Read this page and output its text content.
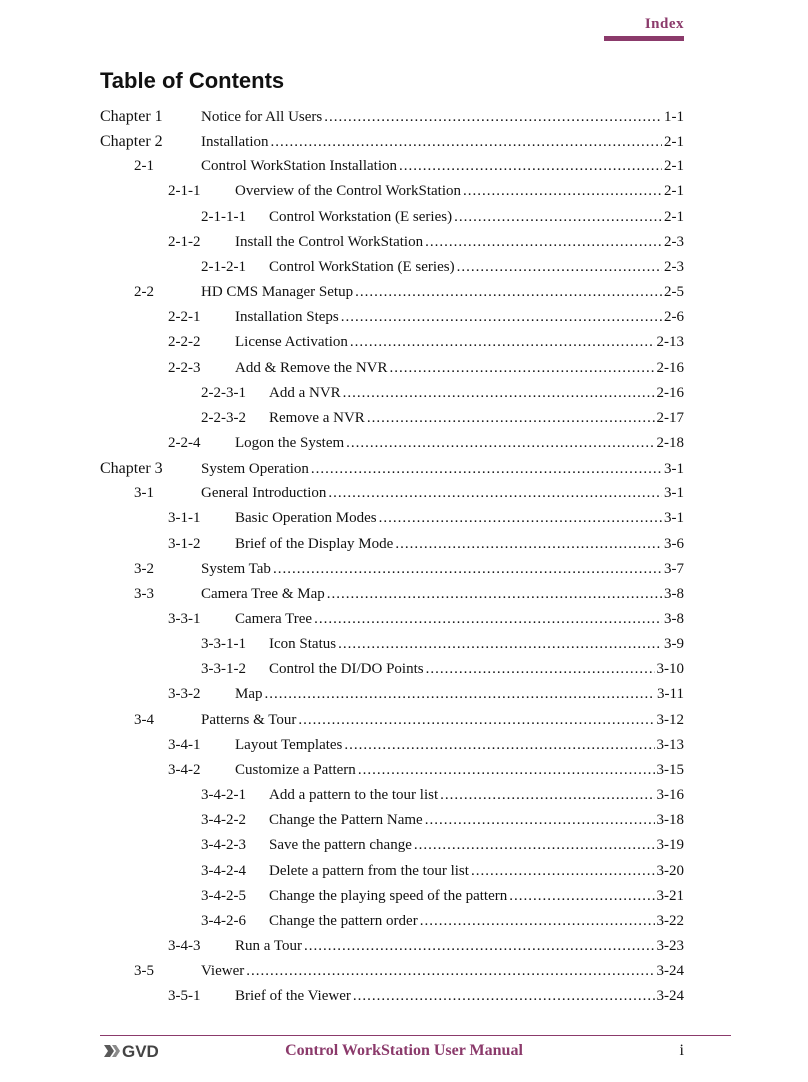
Index
Table of Contents
Chapter 1	Notice for All Users .....	1-1
Chapter 2	Installation .....	2-1
2-1	Control WorkStation Installation .....	2-1
2-1-1	Overview of the Control WorkStation .....	2-1
2-1-1-1	Control Workstation (E series) .....	2-1
2-1-2	Install the Control WorkStation .....	2-3
2-1-2-1	Control WorkStation (E series) .....	2-3
2-2	HD CMS Manager Setup .....	2-5
2-2-1	Installation Steps .....	2-6
2-2-2	License Activation .....	2-13
2-2-3	Add & Remove the NVR .....	2-16
2-2-3-1	Add a NVR .....	2-16
2-2-3-2	Remove a NVR .....	2-17
2-2-4	Logon the System .....	2-18
Chapter 3	System Operation .....	3-1
3-1	General Introduction .....	3-1
3-1-1	Basic Operation Modes .....	3-1
3-1-2	Brief of the Display Mode .....	3-6
3-2	System Tab .....	3-7
3-3	Camera Tree & Map .....	3-8
3-3-1	Camera Tree .....	3-8
3-3-1-1	Icon Status .....	3-9
3-3-1-2	Control the DI/DO Points .....	3-10
3-3-2	Map .....	3-11
3-4	Patterns & Tour .....	3-12
3-4-1	Layout Templates .....	3-13
3-4-2	Customize a Pattern .....	3-15
3-4-2-1	Add a pattern to the tour list .....	3-16
3-4-2-2	Change the Pattern Name .....	3-18
3-4-2-3	Save the pattern change .....	3-19
3-4-2-4	Delete a pattern from the tour list .....	3-20
3-4-2-5	Change the playing speed of the pattern .....	3-21
3-4-2-6	Change the pattern order .....	3-22
3-4-3	Run a Tour .....	3-23
3-5	Viewer .....	3-24
3-5-1	Brief of the Viewer .....	3-24
GVD	Control WorkStation User Manual	i
